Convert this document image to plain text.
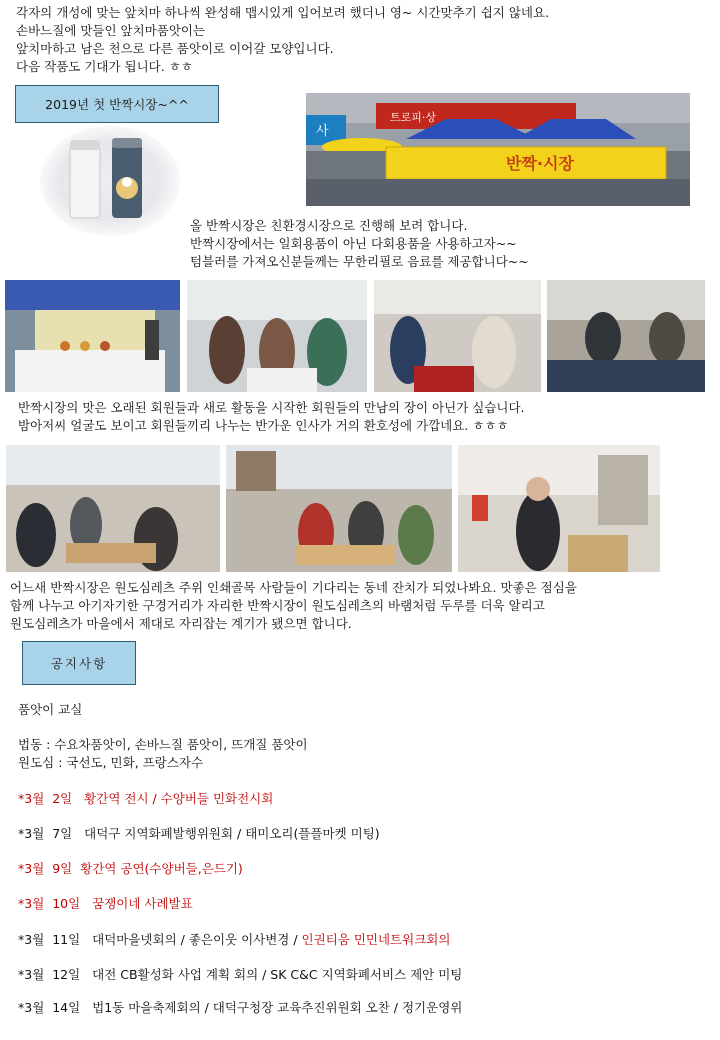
각자의 개성에 맞는 앞치마 하나씩 완성해 맵시있게 입어보려 했더니 영~ 시간맞추기 쉽지 않네요.
손바느질에 맛들인 앞치마품앗이는
앞치마하고 남은 천으로 다른 품앗이로 이어갈 모양입니다.
다음 작품도 기대가 됩니다. ㅎㅎ
2019년 첫 반짝시장~^^
트로피·상
사
반짝·시장
올 반짝시장은 친환경시장으로 진행해 보려 합니다.
반짝시장에서는 일회용품이 아닌 다회용품을 사용하고자~~
텀블러를 가져오신분들께는 무한리필로 음료를 제공합니다~~
반짝시장의 맛은 오래된 회원들과 새로 활동을 시작한 회원들의 만남의 장이 아닌가 싶습니다.
밤아저씨 얼굴도 보이고 회원들끼리 나누는 반가운 인사가 거의 환호성에 가깝네요. ㅎㅎㅎ
어느새 반짝시장은 원도심레츠 주위 인쇄골목 사람들이 기다리는 동네 잔치가 되었나봐요. 맛좋은 점심을
함께 나누고 아기자기한 구경거리가 자리한 반짝시장이 원도심레츠의 바램처럼 두루를 더욱 알리고
원도심레츠가 마을에서 제대로 자리잡는 계기가 됐으면 합니다.
공지사항
품앗이 교실
법동 : 수요차품앗이, 손바느질 품앗이, 뜨개질 품앗이
원도심 : 국선도, 민화, 프랑스자수
*3월  2일   황간역 전시 / 수양버들 민화전시회
*3월  7일   대덕구 지역화폐발행위원회 / 태미오리(플플마켓 미팅)
*3월  9일  황간역 공연(수양버들,은드기)
*3월  10일   꿈쟁이네 사례발표
*3월  11일   대덕마을넷회의 / 좋은이웃 이사변경 / 인권티움 민민네트워크회의
*3월  12일   대전 CB활성화 사업 계획 회의 / SK C&C 지역화폐서비스 제안 미팅
*3월  14일   법1동 마을축제회의 / 대덕구청장 교육추진위원회 오찬 / 정기운영위
